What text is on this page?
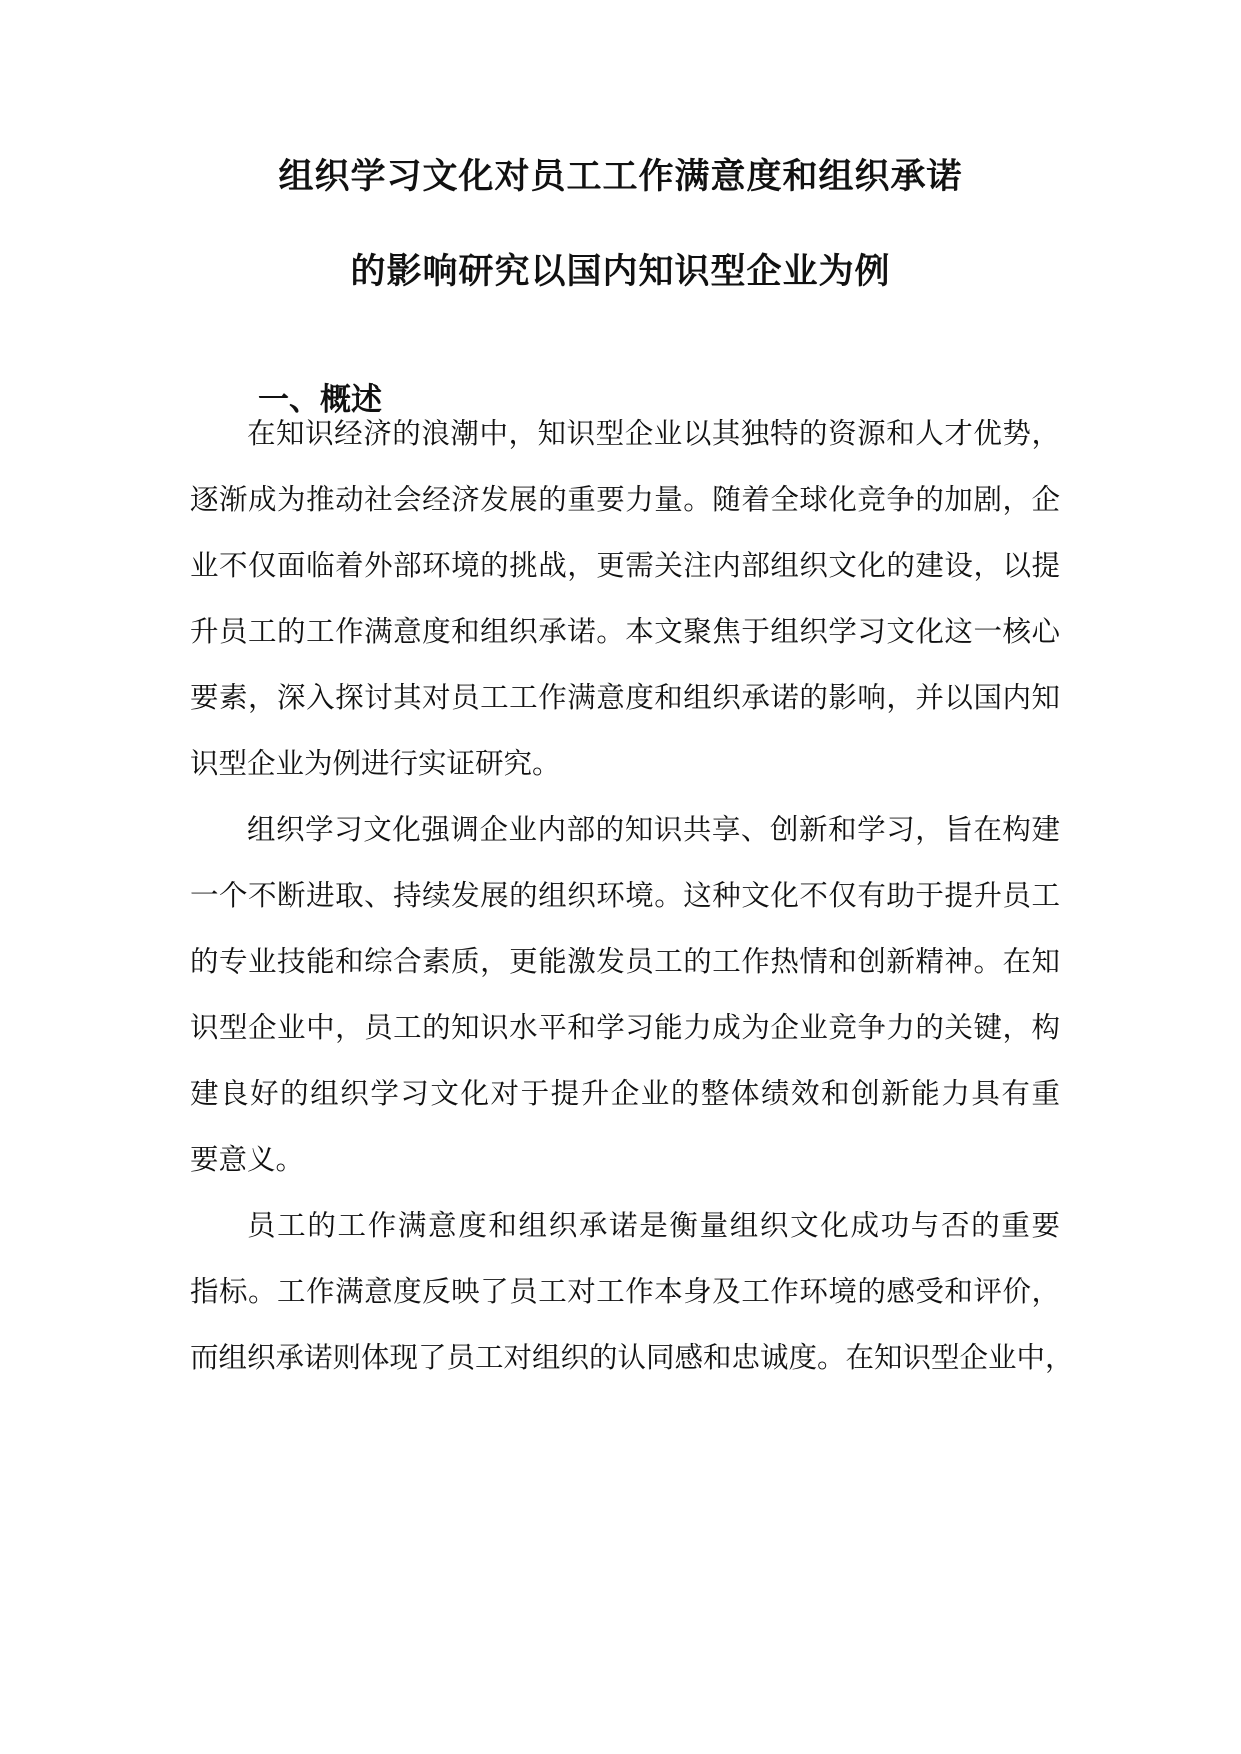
组织学习文化对员工工作满意度和组织承诺
的影响研究以国内知识型企业为例
一、概述

在知识经济的浪潮中，知识型企业以其独特的资源和人才优势，

逐渐成为推动社会经济发展的重要力量。随着全球化竞争的加剧，企

业不仅面临着外部环境的挑战，更需关注内部组织文化的建设，以提

升员工的工作满意度和组织承诺。本文聚焦于组织学习文化这一核心

要素，深入探讨其对员工工作满意度和组织承诺的影响，并以国内知

识型企业为例进行实证研究。

组织学习文化强调企业内部的知识共享、创新和学习，旨在构建

一个不断进取、持续发展的组织环境。这种文化不仅有助于提升员工

的专业技能和综合素质，更能激发员工的工作热情和创新精神。在知

识型企业中，员工的知识水平和学习能力成为企业竞争力的关键，构

建良好的组织学习文化对于提升企业的整体绩效和创新能力具有重

要意义。

员工的工作满意度和组织承诺是衡量组织文化成功与否的重要

指标。工作满意度反映了员工对工作本身及工作环境的感受和评价，

而组织承诺则体现了员工对组织的认同感和忠诚度。在知识型企业中，
